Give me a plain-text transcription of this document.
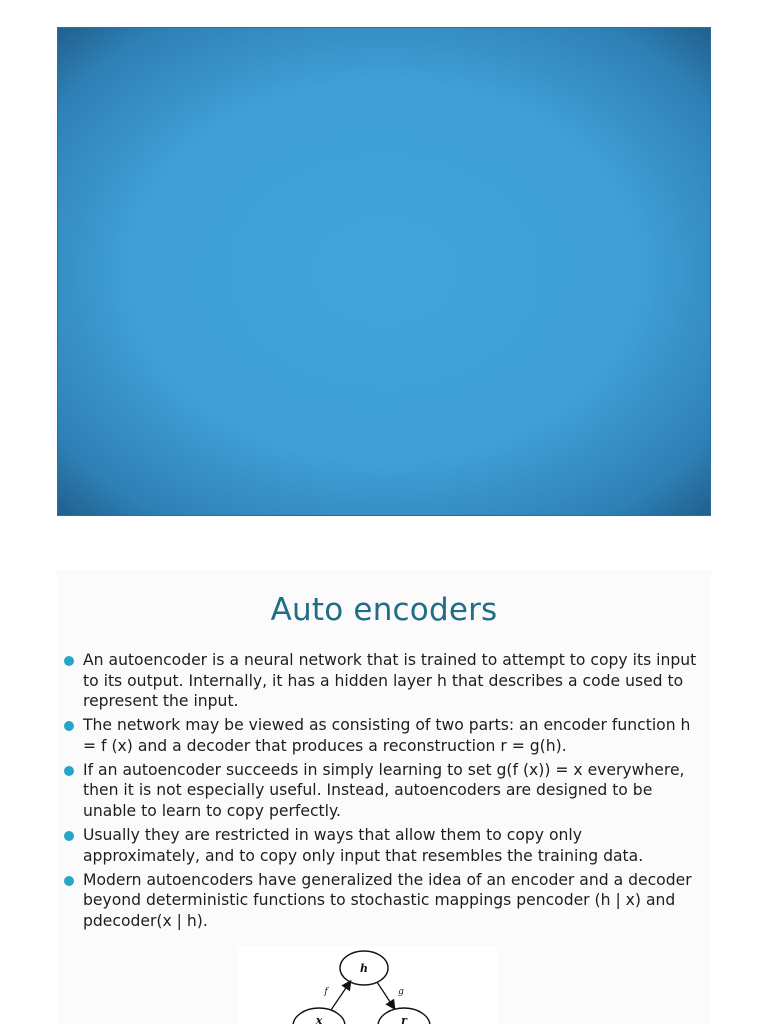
Auto encoders
An autoencoder is a neural network that is trained to attempt to copy its input to its output. Internally, it has a hidden layer h that describes a code used to represent the input.
The network may be viewed as consisting of two parts: an encoder function h = f (x) and a decoder that produces a reconstruction r = g(h).
If an autoencoder succeeds in simply learning to set g(f (x)) = x everywhere, then it is not especially useful. Instead, autoencoders are designed to be unable to learn to copy perfectly.
Usually they are restricted in ways that allow them to copy only approximately, and to copy only input that resembles the training data.
Modern autoencoders have generalized the idea of an encoder and a decoder beyond deterministic functions to stochastic mappings pencoder (h | x) and pdecoder(x | h).
h
x	r
f	g
